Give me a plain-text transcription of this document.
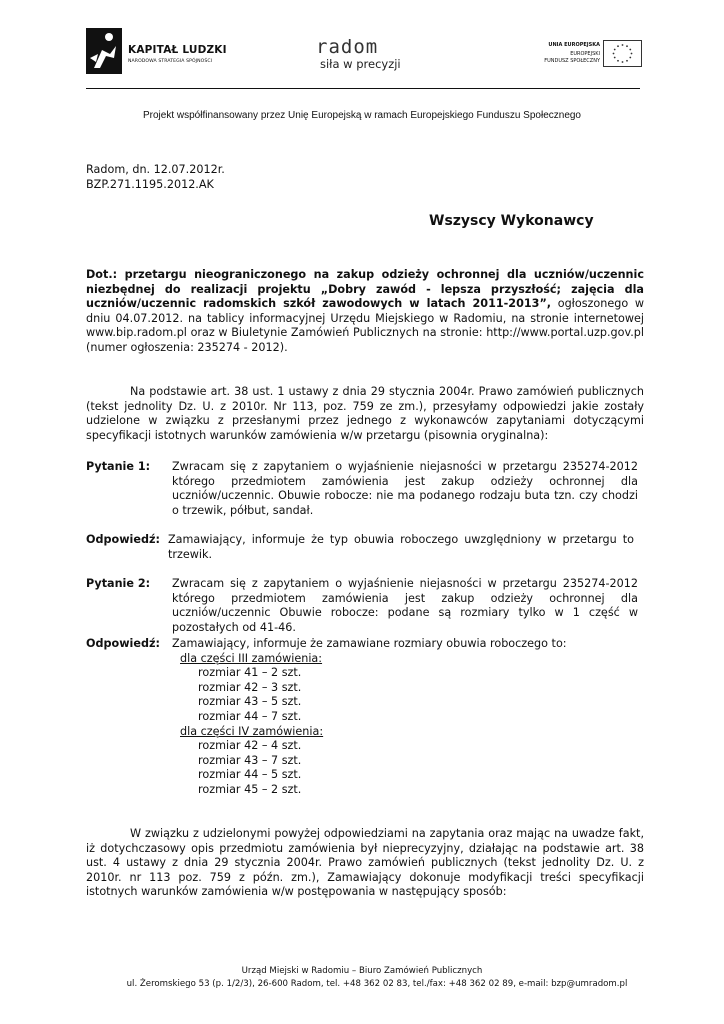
KAPITAŁ LUDZKI
NARODOWA STRATEGIA SPÓJNOŚCI
radom
siła w precyzji
UNIA EUROPEJSKA
EUROPEJSKI
FUNDUSZ SPOŁECZNY
Projekt współfinansowany przez Unię Europejską w ramach Europejskiego Funduszu Społecznego
Radom, dn. 12.07.2012r.
BZP.271.1195.2012.AK
Wszyscy Wykonawcy
Dot.: przetargu nieograniczonego na zakup odzieży ochronnej dla uczniów/uczennic niezbędnej do realizacji projektu „Dobry zawód - lepsza przyszłość; zajęcia dla uczniów/uczennic radomskich szkół zawodowych w latach 2011-2013”, ogłoszonego w dniu 04.07.2012. na tablicy informacyjnej Urzędu Miejskiego w Radomiu, na stronie internetowej www.bip.radom.pl oraz w Biuletynie Zamówień Publicznych na stronie: http://www.portal.uzp.gov.pl (numer ogłoszenia: 235274 - 2012).
Na podstawie art. 38 ust. 1 ustawy z dnia 29 stycznia 2004r. Prawo zamówień publicznych (tekst jednolity Dz. U. z 2010r. Nr 113, poz. 759 ze zm.), przesyłamy odpowiedzi jakie zostały udzielone w związku z przesłanymi przez jednego z wykonawców zapytaniami dotyczącymi specyfikacji istotnych warunków zamówienia w/w przetargu (pisownia oryginalna):
Pytanie 1: Zwracam się z zapytaniem o wyjaśnienie niejasności w przetargu 235274-2012 którego przedmiotem zamówienia jest zakup odzieży ochronnej dla uczniów/uczennic. Obuwie robocze: nie ma podanego rodzaju buta tzn. czy chodzi o trzewik, półbut, sandał.
Odpowiedź: Zamawiający, informuje że typ obuwia roboczego uwzględniony w przetargu to trzewik.
Pytanie 2: Zwracam się z zapytaniem o wyjaśnienie niejasności w przetargu 235274-2012 którego przedmiotem zamówienia jest zakup odzieży ochronnej dla uczniów/uczennic Obuwie robocze: podane są rozmiary tylko w 1 część w pozostałych od 41-46.
Odpowiedź: Zamawiający, informuje że zamawiane rozmiary obuwia roboczego to:
dla części III zamówienia:
rozmiar 41 – 2 szt.
rozmiar 42 – 3 szt.
rozmiar 43 – 5 szt.
rozmiar 44 – 7 szt.
dla części IV zamówienia:
rozmiar 42 – 4 szt.
rozmiar 43 – 7 szt.
rozmiar 44 – 5 szt.
rozmiar 45 – 2 szt.
W związku z udzielonymi powyżej odpowiedziami na zapytania oraz mając na uwadze fakt, iż dotychczasowy opis przedmiotu zamówienia był nieprecyzyjny, działając na podstawie art. 38 ust. 4 ustawy z dnia 29 stycznia 2004r. Prawo zamówień publicznych (tekst jednolity Dz. U. z 2010r. nr 113 poz. 759 z późn. zm.), Zamawiający dokonuje modyfikacji treści specyfikacji istotnych warunków zamówienia w/w postępowania w następujący sposób:
Urząd Miejski w Radomiu – Biuro Zamówień Publicznych
ul. Żeromskiego 53 (p. 1/2/3), 26-600 Radom, tel. +48 362 02 83, tel./fax: +48 362 02 89, e-mail: bzp@umradom.pl
